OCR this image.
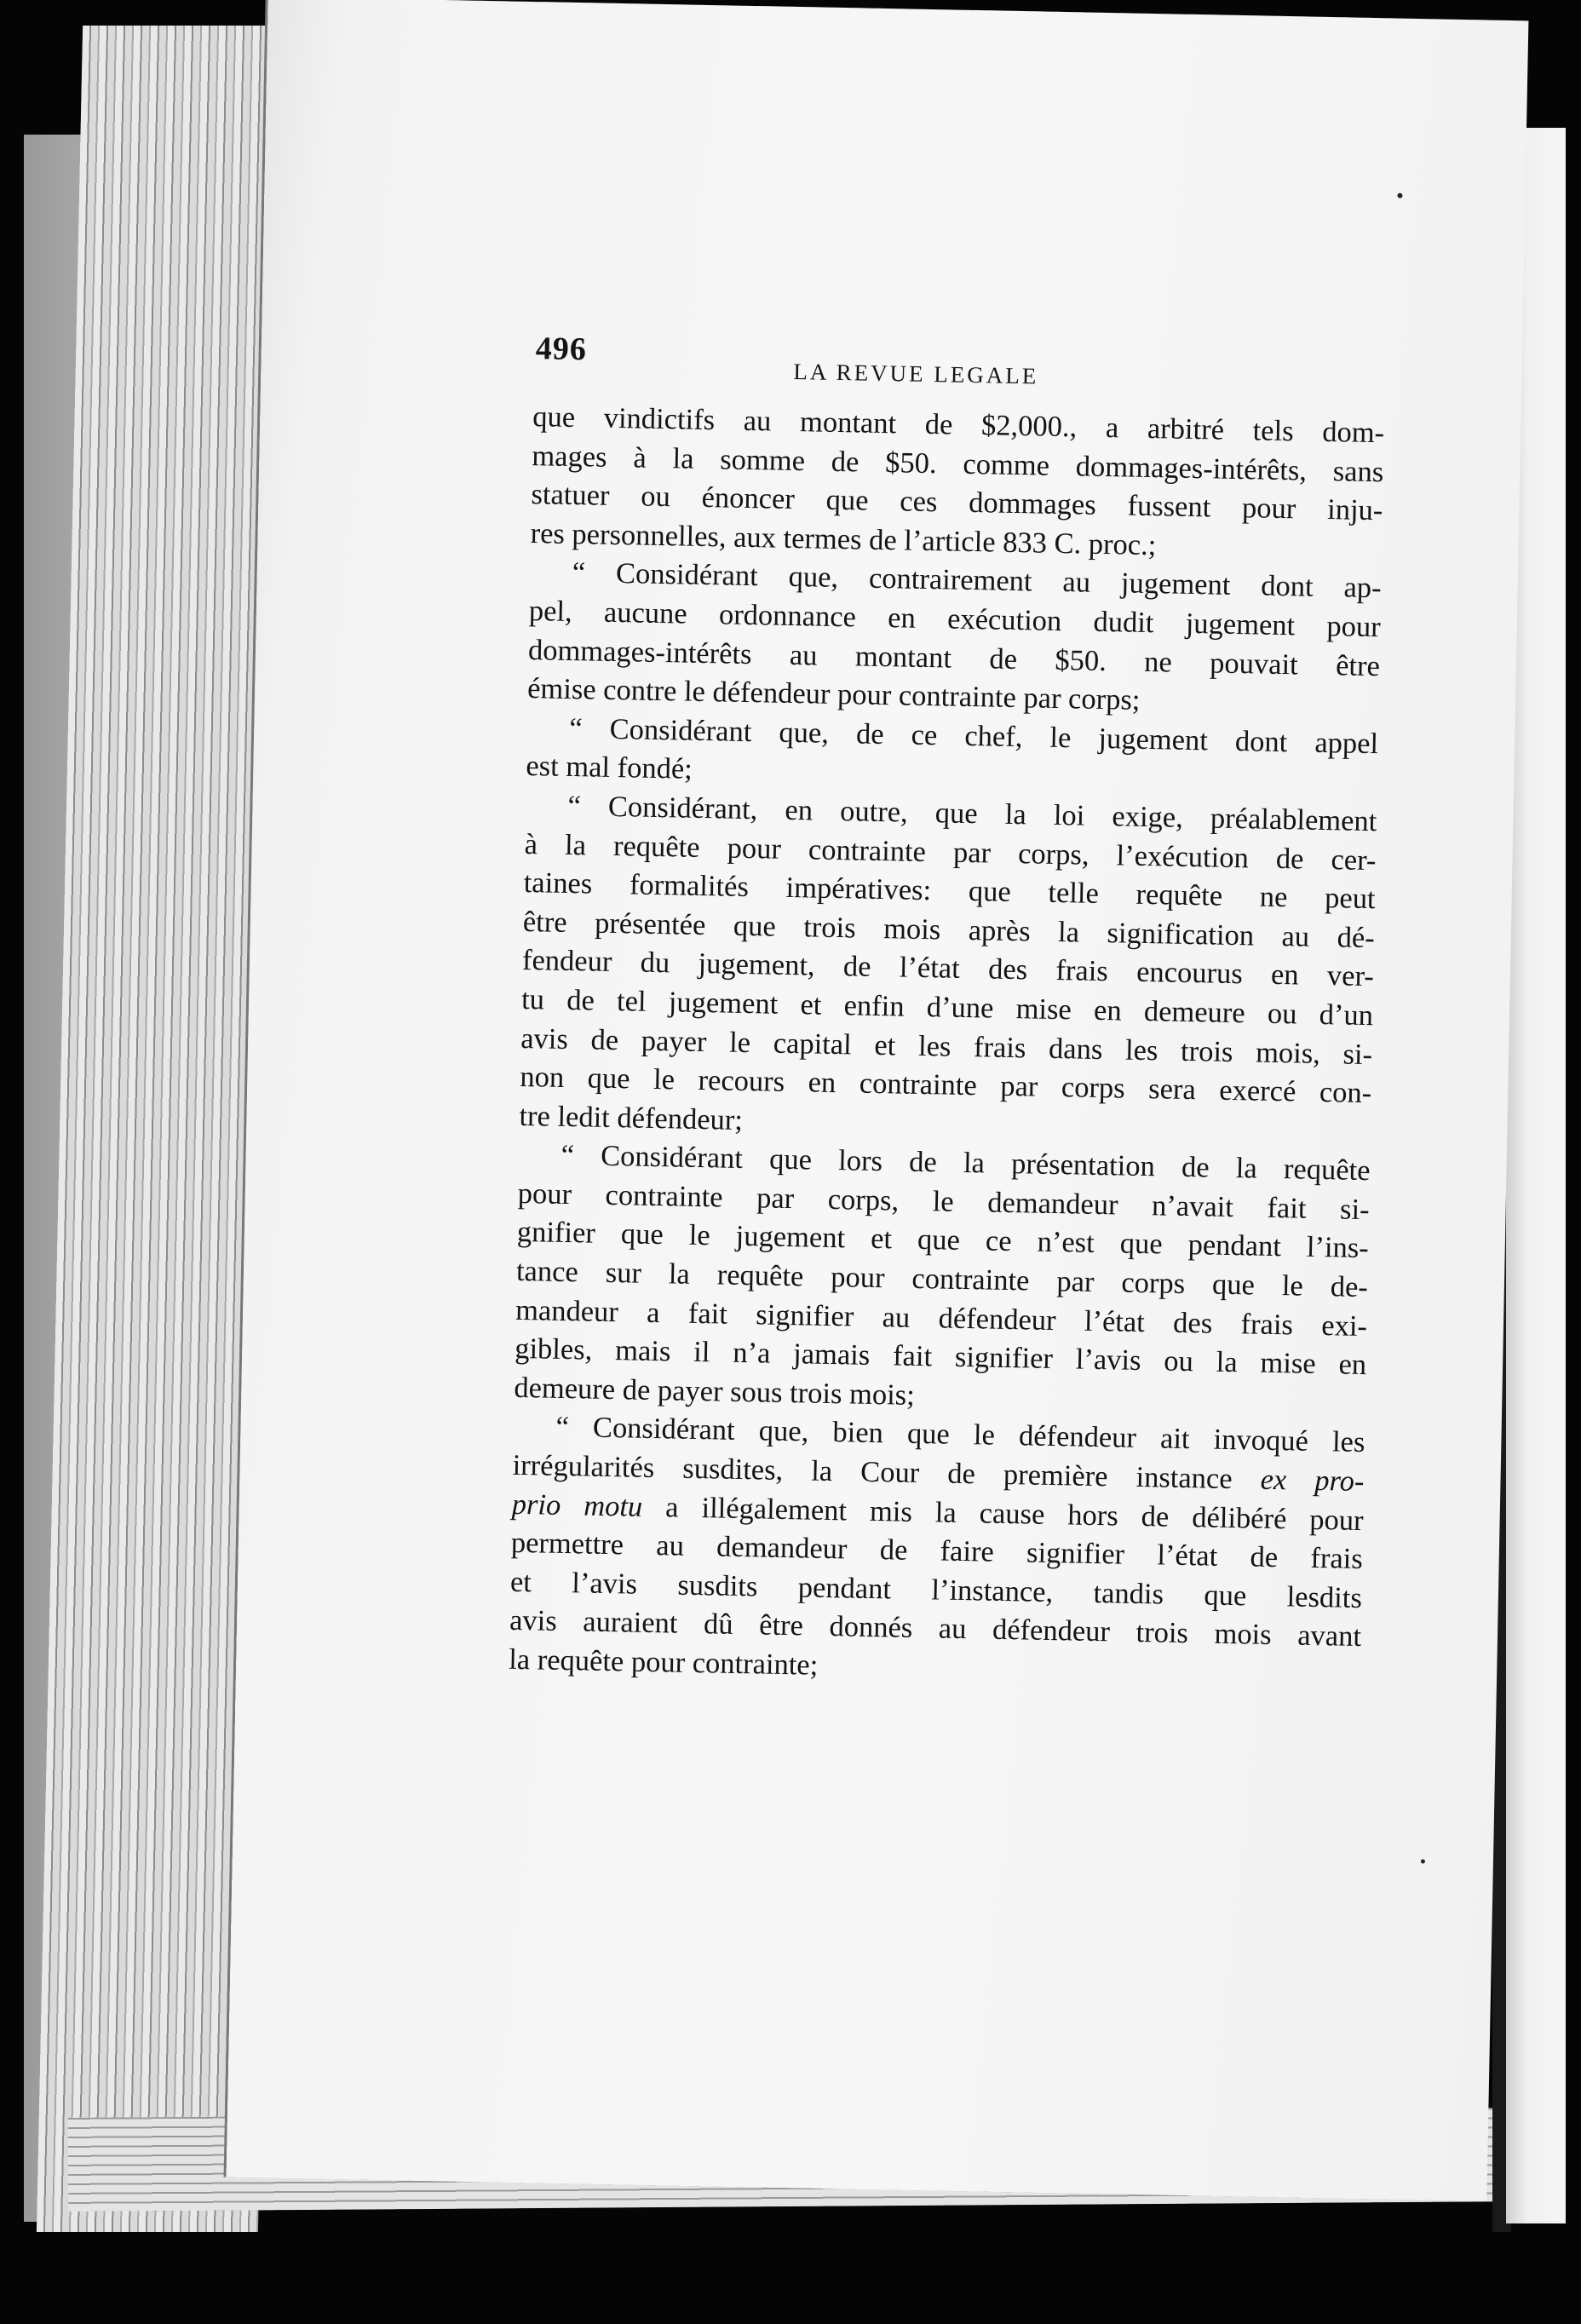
496
LA REVUE LEGALE
que vindictifs au montant de $2,000., a arbitré tels dom-
mages à la somme de $50. comme dommages-intérêts, sans
statuer ou énoncer que ces dommages fussent pour inju-
res personnelles, aux termes de l’article 833 C. proc.;
“ Considérant que, contrairement au jugement dont ap-
pel, aucune ordonnance en exécution dudit jugement pour
dommages-intérêts au montant de $50. ne pouvait être
émise contre le défendeur pour contrainte par corps;
“ Considérant que, de ce chef, le jugement dont appel
est mal fondé;
“ Considérant, en outre, que la loi exige, préalablement
à la requête pour contrainte par corps, l’exécution de cer-
taines formalités impératives: que telle requête ne peut
être présentée que trois mois après la signification au dé-
fendeur du jugement, de l’état des frais encourus en ver-
tu de tel jugement et enfin d’une mise en demeure ou d’un
avis de payer le capital et les frais dans les trois mois, si-
non que le recours en contrainte par corps sera exercé con-
tre ledit défendeur;
“ Considérant que lors de la présentation de la requête
pour contrainte par corps, le demandeur n’avait fait si-
gnifier que le jugement et que ce n’est que pendant l’ins-
tance sur la requête pour contrainte par corps que le de-
mandeur a fait signifier au défendeur l’état des frais exi-
gibles, mais il n’a jamais fait signifier l’avis ou la mise en
demeure de payer sous trois mois;
“ Considérant que, bien que le défendeur ait invoqué les
irrégularités susdites, la Cour de première instance ex pro-
prio motu a illégalement mis la cause hors de délibéré pour
permettre au demandeur de faire signifier l’état de frais
et l’avis susdits pendant l’instance, tandis que lesdits
avis auraient dû être donnés au défendeur trois mois avant
la requête pour contrainte;
